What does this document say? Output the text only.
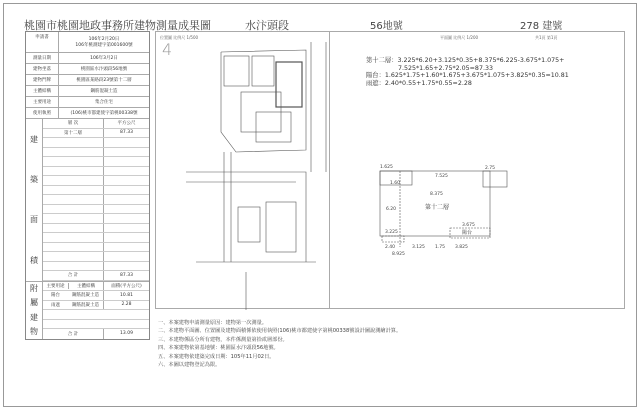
桃園市桃園地政事務所建物測量成果圖	水汴頭段	56地號	278 建號
申請書	106年2月20日
106年桃測建字第001600號
測量日期	106年3月2日
建物坐落	桃園區水汴頭段56地號
建物門牌	桃園區某路段23號第十二層
主體結構	鋼筋混凝土造
主要用途	集合住宅
使用執照	(106)桃市都建使字第桃00338號
建
築
面
積
層 次	平方公尺
第十二層	87.33
合 計	87.33
附
屬
建
物
主要用途	主體結構	面積(平方公尺)
陽台	鋼筋混凝土造	10.81
雨遮	鋼筋混凝土造	2.28
合 計	13.09
位置圖 比例尺 1/500
4
平面圖 比例尺 1/200	共1頁 第1頁
第十二層：3.225*6.20+3.125*0.35+8.375*6.225-3.675*1.075+
7.525*1.65+2.75*2.05=87.33
陽台：1.625*1.75+1.60*1.675+3.675*1.075+3.825*0.35=10.81
雨遮：2.40*0.55+1.75*0.55=2.28
1.625
7.525
2.75
1.60
8.375
6.20
3.225
3.675
2.40	3.125 1.75 3.825
8.925
第十二層
陽台
一、本案建物申請測量原因：建物第一次測量。
二、本建物平面圖、位置圖及建物面積係依使用執照(106)桃市都建使字第桃00338號設計圖說測繪計算。
三、本建物係區分所有建物，本件係測量第拾貳層部份。
四、本案建物依第基地號：桃園區水汴頭段56地號。
五、本案建物依建築完成日期：105年11月02日。
六、本圖以建物登記為限。
